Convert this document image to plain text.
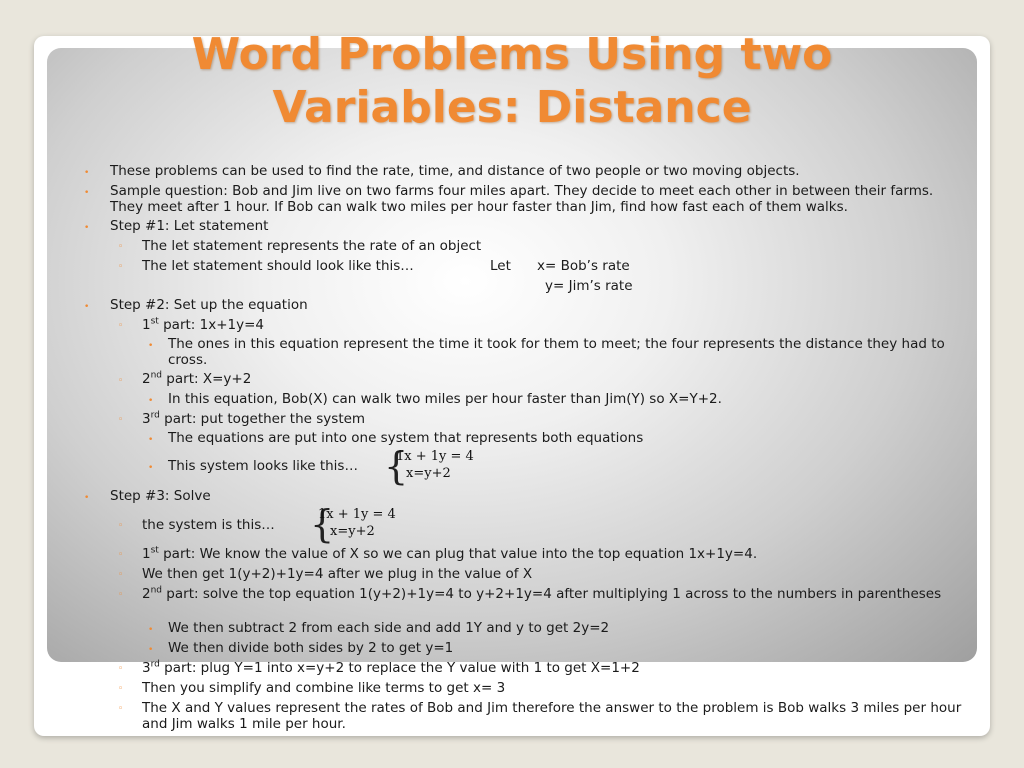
Word Problems Using two
Variables: Distance
• These problems can be used to find the rate, time, and distance of two people or two moving objects.
• Sample question: Bob and Jim live on two farms four miles apart. They decide to meet each other in between their farms. They meet after 1 hour. If Bob can walk two miles per hour faster than Jim, find how fast each of them walks.
• Step #1: Let statement
◦ The let statement represents the rate of an object
◦ The let statement should look like this…	Let x= Bob’s rate
y= Jim’s rate
• Step #2: Set up the equation
◦ 1st part: 1x+1y=4
• The ones in this equation represent the time it took for them to meet; the four represents the distance they had to cross.
◦ 2nd part: X=y+2
• In this equation, Bob(X) can walk two miles per hour faster than Jim(Y) so X=Y+2.
◦ 3rd part: put together the system
• The equations are put into one system that represents both equations
• This system looks like this… {
1x + 1y = 4
x=y+2
• Step #3: Solve
◦ the system is this… {
1x + 1y = 4
x=y+2
◦ 1st part: We know the value of X so we can plug that value into the top equation 1x+1y=4.
◦ We then get 1(y+2)+1y=4 after we plug in the value of X
◦ 2nd part: solve the top equation 1(y+2)+1y=4 to y+2+1y=4 after multiplying 1 across to the numbers in parentheses
• We then subtract 2 from each side and add 1Y and y to get 2y=2
• We then divide both sides by 2 to get y=1
◦ 3rd part: plug Y=1 into x=y+2 to replace the Y value with 1 to get X=1+2
◦ Then you simplify and combine like terms to get x= 3
◦ The X and Y values represent the rates of Bob and Jim therefore the answer to the problem is Bob walks 3 miles per hour and Jim walks 1 mile per hour.
